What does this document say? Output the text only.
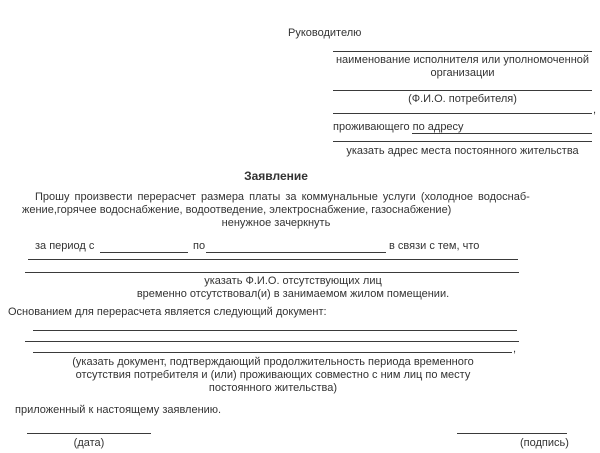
Руководителю
наименование исполнителя или уполномоченной
организации
(Ф.И.О. потребителя)
,
проживающего по адресу
указать адрес места постоянного жительства
Заявление
Прошу произвести перерасчет размера платы за коммунальные услуги (холодное водоснаб-
жение,горячее водоснабжение, водоотведение, электроснабжение, газоснабжение)
ненужное зачеркнуть
за период с	по	в связи с тем, что
указать Ф.И.О. отсутствующих лиц
временно отсутствовал(и) в занимаемом жилом помещении.
Основанием для перерасчета является следующий документ:
,
(указать документ, подтверждающий продолжительность периода временного
отсутствия потребителя и (или) проживающих совместно с ним лиц по месту
постоянного жительства)
приложенный к настоящему заявлению.
(дата)	(подпись)
